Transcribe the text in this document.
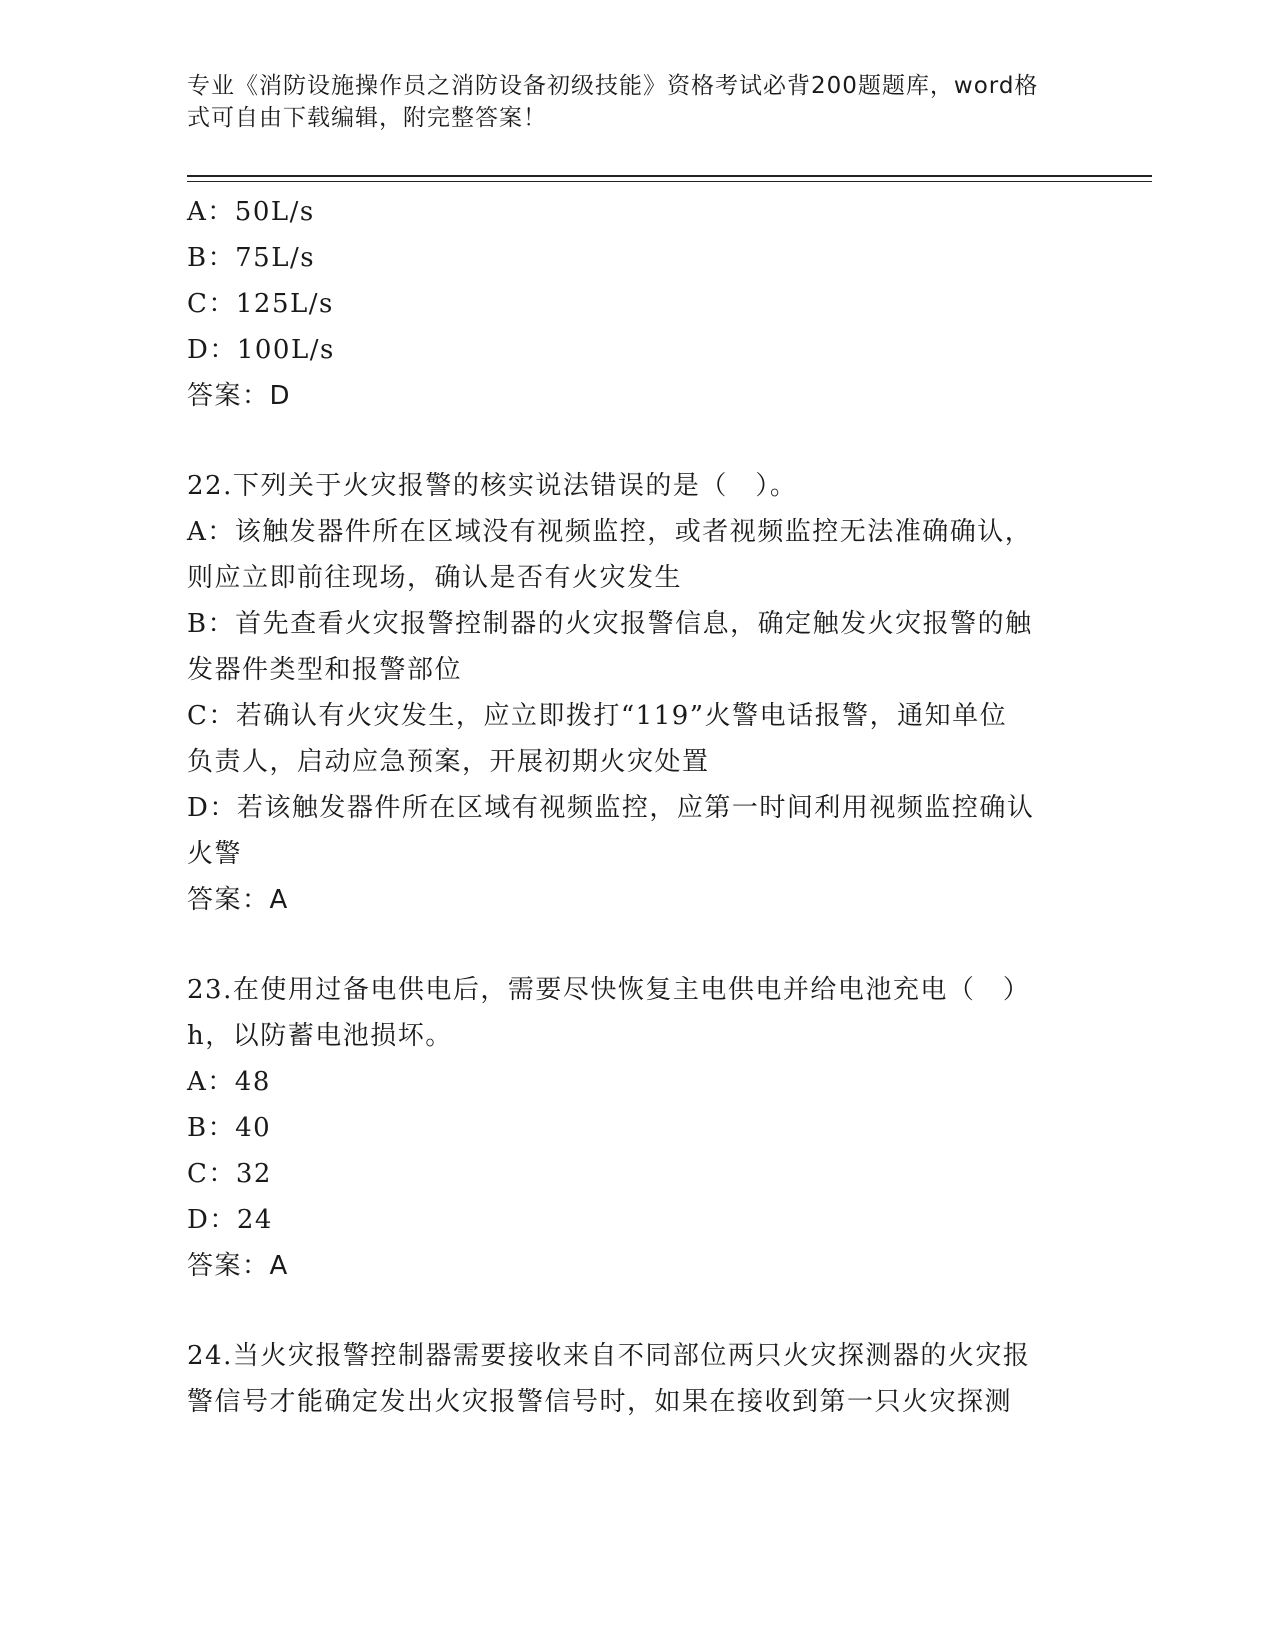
专业《消防设施操作员之消防设备初级技能》资格考试必背200题题库，word格
式可自由下载编辑，附完整答案！
A：50L/s
B：75L/s
C：125L/s
D：100L/s
答案：D
22.下列关于火灾报警的核实说法错误的是（　）。
A：该触发器件所在区域没有视频监控，或者视频监控无法准确确认，
则应立即前往现场，确认是否有火灾发生
B：首先查看火灾报警控制器的火灾报警信息，确定触发火灾报警的触
发器件类型和报警部位
C：若确认有火灾发生，应立即拨打“119”火警电话报警，通知单位
负责人，启动应急预案，开展初期火灾处置
D：若该触发器件所在区域有视频监控，应第一时间利用视频监控确认
火警
答案：A
23.在使用过备电供电后，需要尽快恢复主电供电并给电池充电（　）
h，以防蓄电池损坏。
A：48
B：40
C：32
D：24
答案：A
24.当火灾报警控制器需要接收来自不同部位两只火灾探测器的火灾报
警信号才能确定发出火灾报警信号时，如果在接收到第一只火灾探测
